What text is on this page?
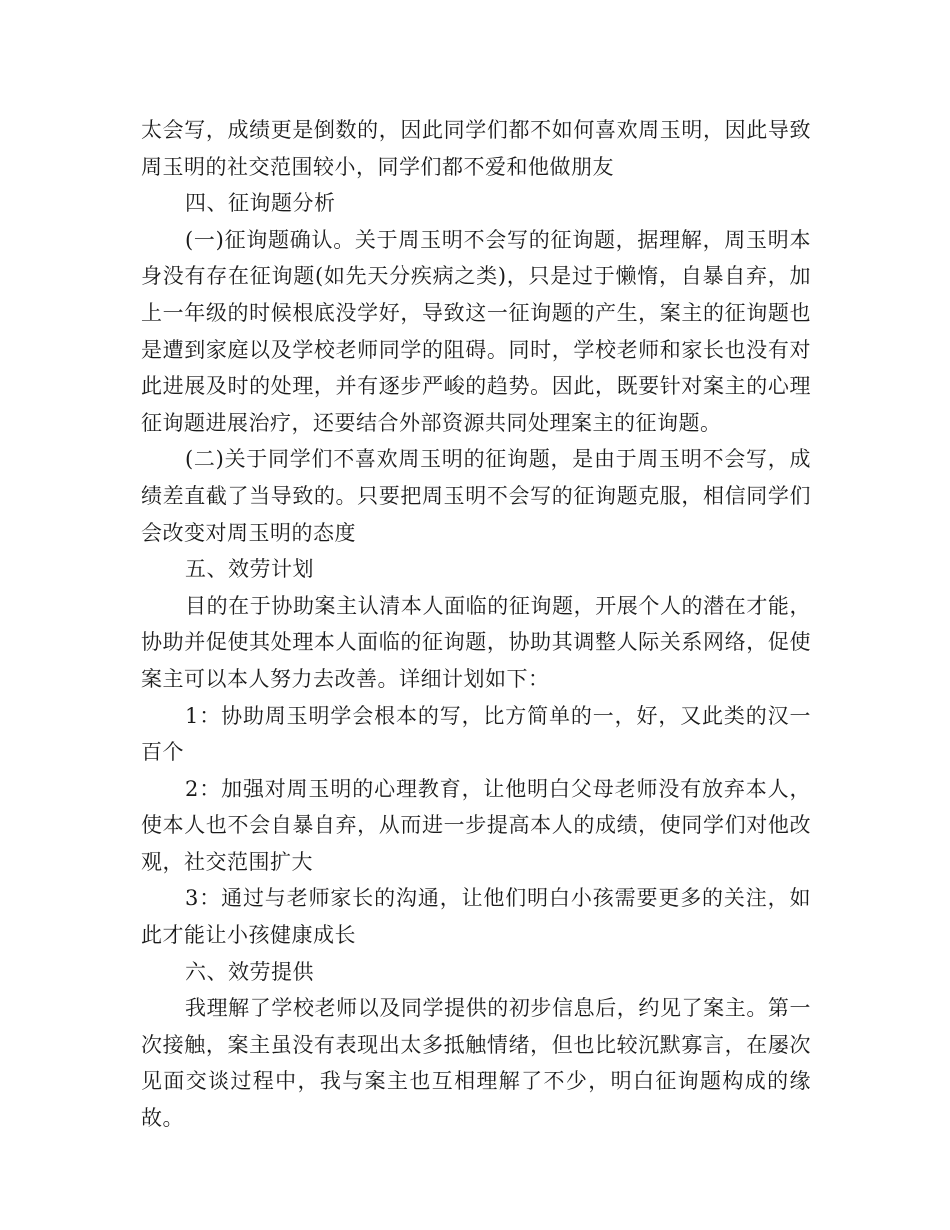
太会写，成绩更是倒数的，因此同学们都不如何喜欢周玉明，因此导致周玉明的社交范围较小，同学们都不爱和他做朋友

四、征询题分析

(一)征询题确认。关于周玉明不会写的征询题，据理解，周玉明本身没有存在征询题(如先天分疾病之类)，只是过于懒惰，自暴自弃，加上一年级的时候根底没学好，导致这一征询题的产生，案主的征询题也是遭到家庭以及学校老师同学的阻碍。同时，学校老师和家长也没有对此进展及时的处理，并有逐步严峻的趋势。因此，既要针对案主的心理征询题进展治疗，还要结合外部资源共同处理案主的征询题。

(二)关于同学们不喜欢周玉明的征询题，是由于周玉明不会写，成绩差直截了当导致的。只要把周玉明不会写的征询题克服，相信同学们会改变对周玉明的态度

五、效劳计划

目的在于协助案主认清本人面临的征询题，开展个人的潜在才能，协助并促使其处理本人面临的征询题，协助其调整人际关系网络，促使案主可以本人努力去改善。详细计划如下：

1：协助周玉明学会根本的写，比方简单的一，好，又此类的汉一百个

2：加强对周玉明的心理教育，让他明白父母老师没有放弃本人，使本人也不会自暴自弃，从而进一步提高本人的成绩，使同学们对他改观，社交范围扩大

3：通过与老师家长的沟通，让他们明白小孩需要更多的关注，如此才能让小孩健康成长

六、效劳提供

我理解了学校老师以及同学提供的初步信息后，约见了案主。第一次接触，案主虽没有表现出太多抵触情绪，但也比较沉默寡言，在屡次见面交谈过程中，我与案主也互相理解了不少，明白征询题构成的缘故。
